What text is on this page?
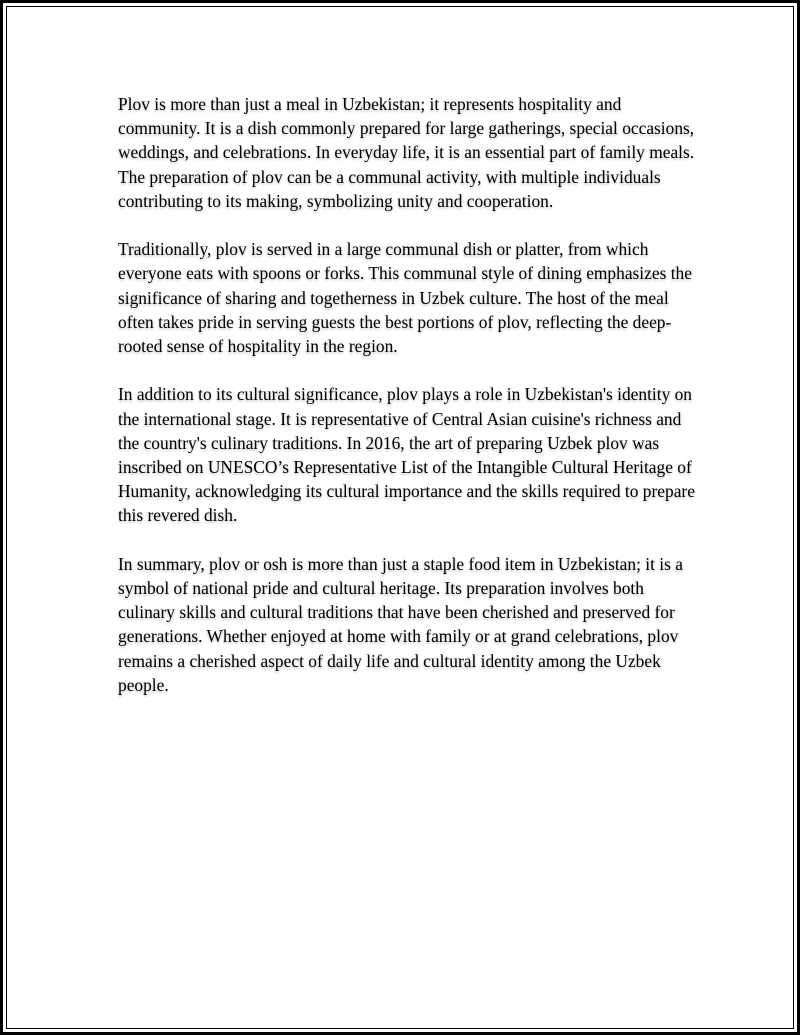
Plov is more than just a meal in Uzbekistan; it represents hospitality and community. It is a dish commonly prepared for large gatherings, special occasions, weddings, and celebrations. In everyday life, it is an essential part of family meals. The preparation of plov can be a communal activity, with multiple individuals contributing to its making, symbolizing unity and cooperation.

Traditionally, plov is served in a large communal dish or platter, from which everyone eats with spoons or forks. This communal style of dining emphasizes the significance of sharing and togetherness in Uzbek culture. The host of the meal often takes pride in serving guests the best portions of plov, reflecting the deep-rooted sense of hospitality in the region.

In addition to its cultural significance, plov plays a role in Uzbekistan's identity on the international stage. It is representative of Central Asian cuisine's richness and the country's culinary traditions. In 2016, the art of preparing Uzbek plov was inscribed on UNESCO’s Representative List of the Intangible Cultural Heritage of Humanity, acknowledging its cultural importance and the skills required to prepare this revered dish.

In summary, plov or osh is more than just a staple food item in Uzbekistan; it is a symbol of national pride and cultural heritage. Its preparation involves both culinary skills and cultural traditions that have been cherished and preserved for generations. Whether enjoyed at home with family or at grand celebrations, plov remains a cherished aspect of daily life and cultural identity among the Uzbek people.
